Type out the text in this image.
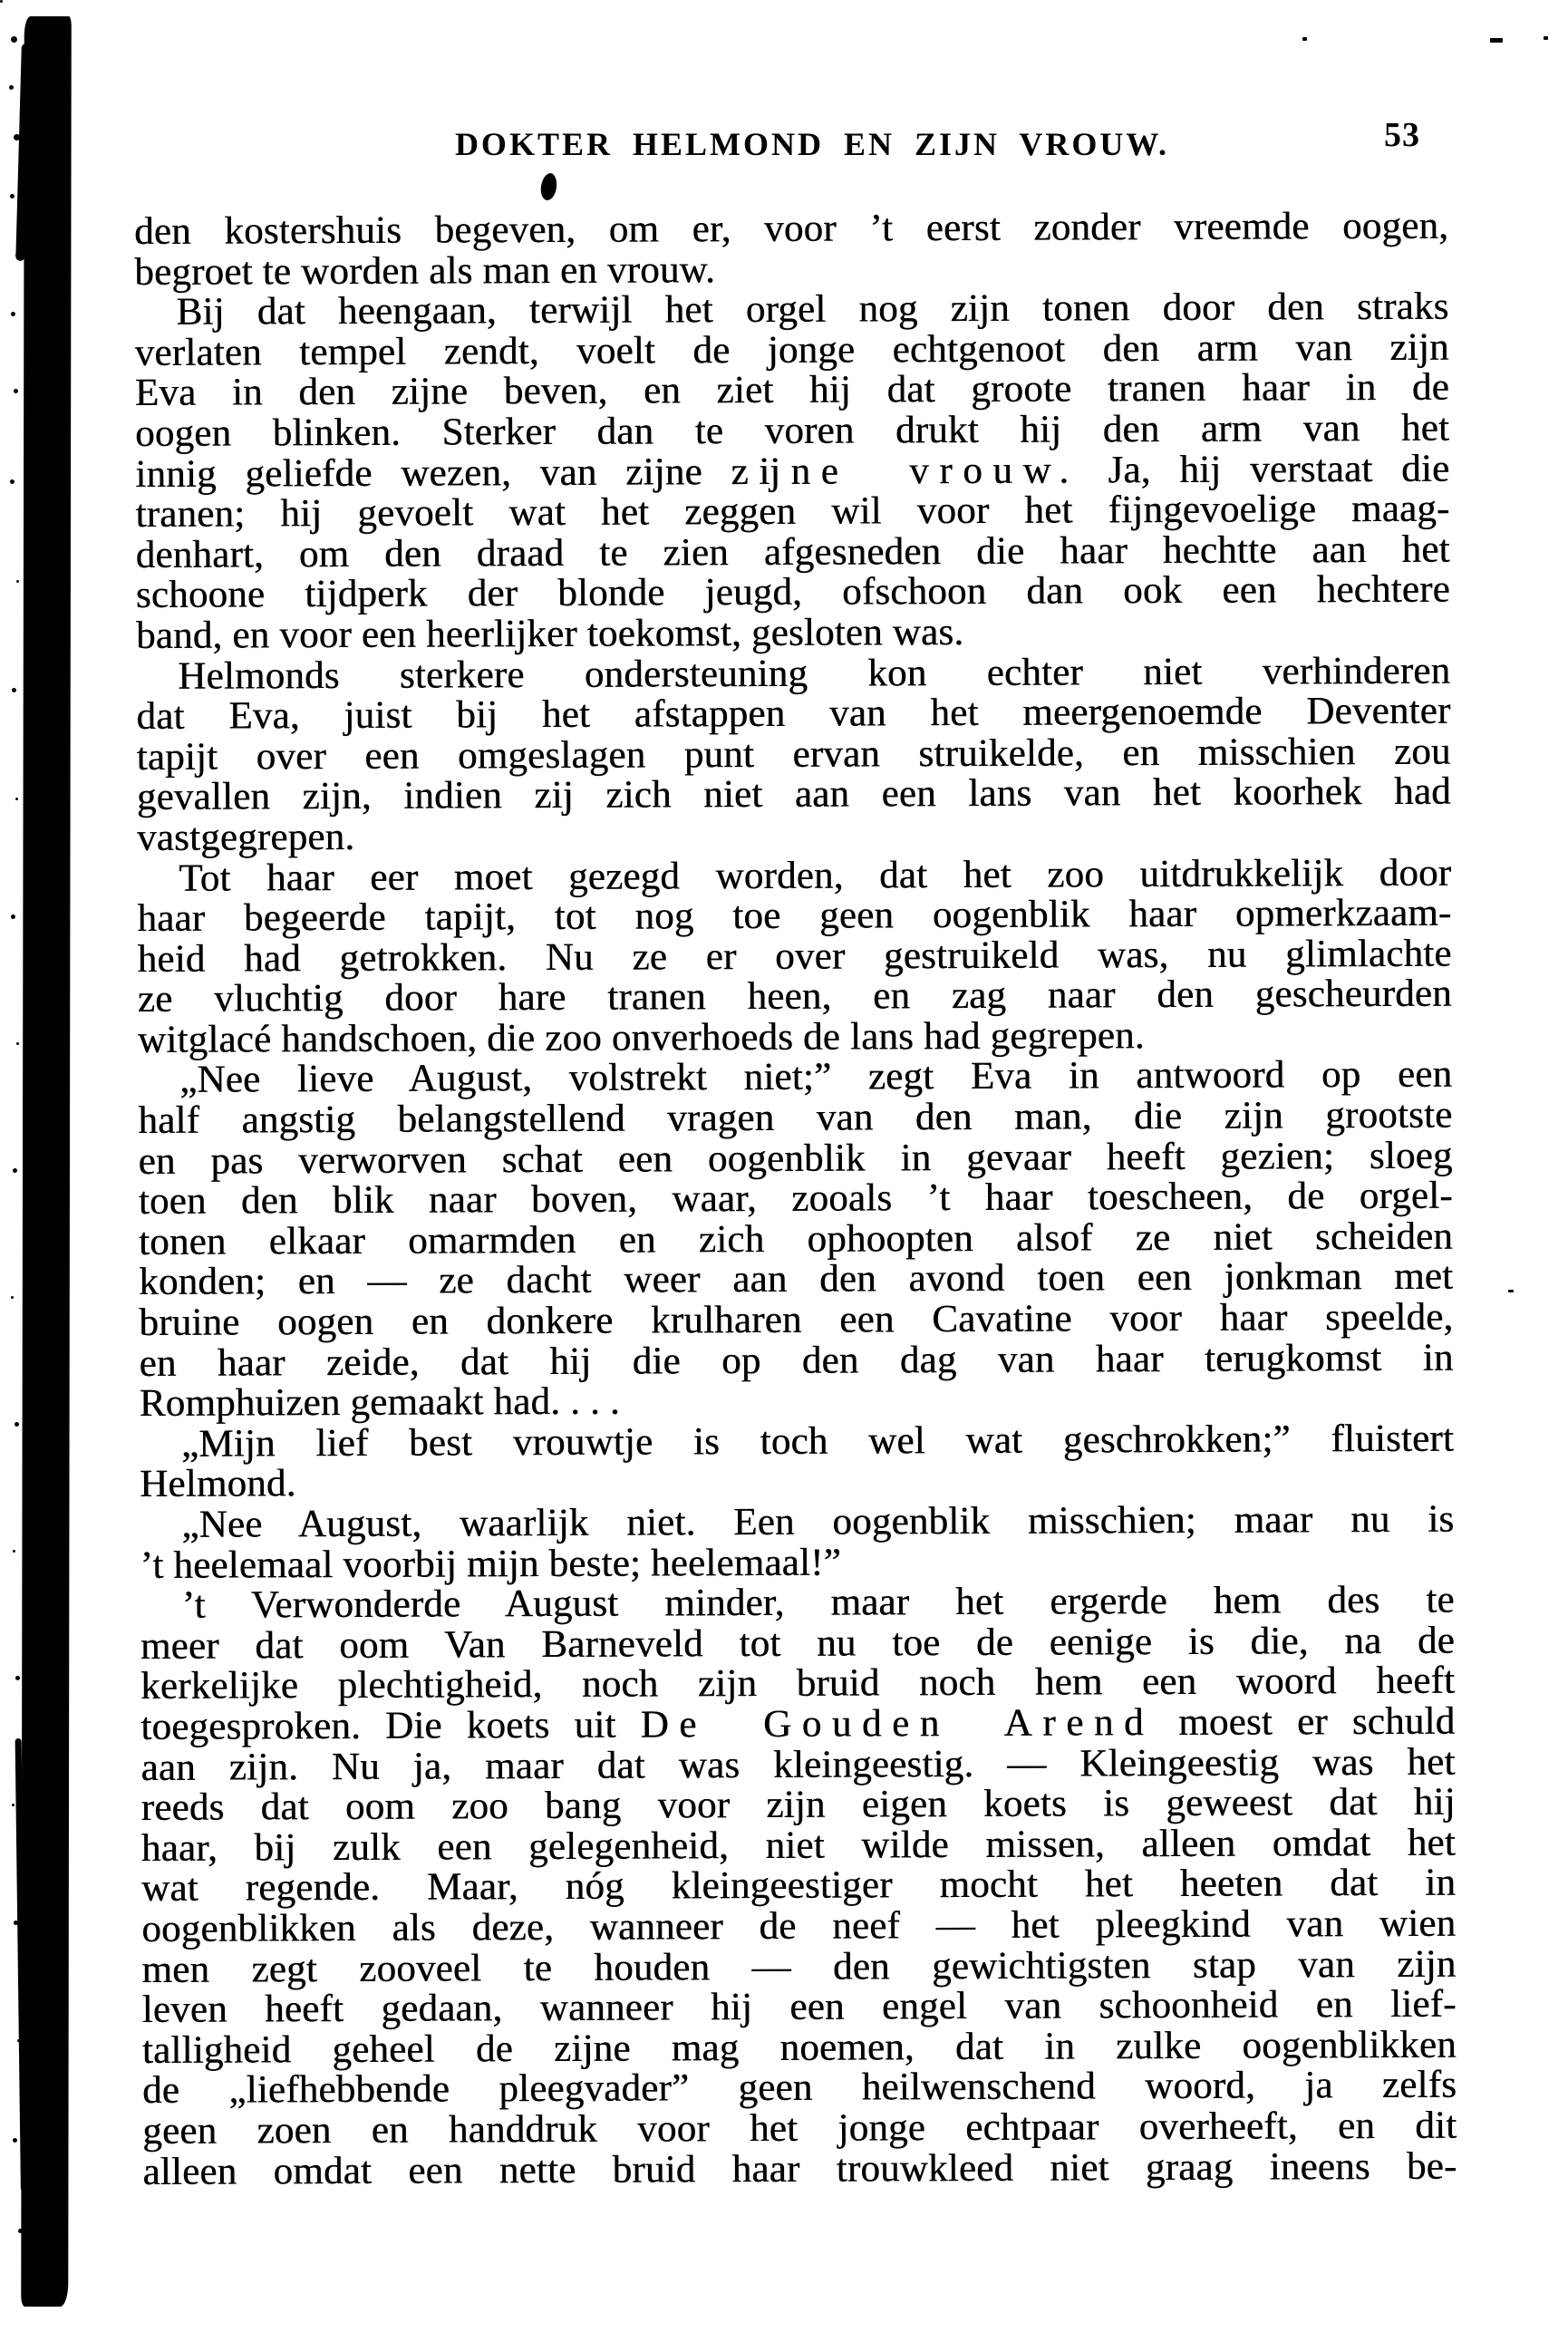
DOKTER HELMOND EN ZIJN VROUW.	53
den kostershuis begeven, om er, voor ’t eerst zonder vreemde oogen,
begroet te worden als man en vrouw.
Bij dat heengaan, terwijl het orgel nog zijn tonen door den straks
verlaten tempel zendt, voelt de jonge echtgenoot den arm van zijn
Eva in den zijne beven, en ziet hij dat groote tranen haar in de
oogen blinken. Sterker dan te voren drukt hij den arm van het
innig geliefde wezen, van zijne zĳne vrouw. Ja, hij verstaat die
tranen; hij gevoelt wat het zeggen wil voor het fijngevoelige maag-
denhart, om den draad te zien afgesneden die haar hechtte aan het
schoone tijdperk der blonde jeugd, ofschoon dan ook een hechtere
band, en voor een heerlijker toekomst, gesloten was.
Helmonds sterkere ondersteuning kon echter niet verhinderen
dat Eva, juist bij het afstappen van het meergenoemde Deventer
tapijt over een omgeslagen punt ervan struikelde, en misschien zou
gevallen zijn, indien zij zich niet aan een lans van het koorhek had
vastgegrepen.
Tot haar eer moet gezegd worden, dat het zoo uitdrukkelijk door
haar begeerde tapijt, tot nog toe geen oogenblik haar opmerkzaam-
heid had getrokken. Nu ze er over gestruikeld was, nu glimlachte
ze vluchtig door hare tranen heen, en zag naar den gescheurden
witglacé handschoen, die zoo onverhoeds de lans had gegrepen.
„Nee lieve August, volstrekt niet;” zegt Eva in antwoord op een
half angstig belangstellend vragen van den man, die zijn grootste
en pas verworven schat een oogenblik in gevaar heeft gezien; sloeg
toen den blik naar boven, waar, zooals ’t haar toescheen, de orgel-
tonen elkaar omarmden en zich ophoopten alsof ze niet scheiden
konden; en — ze dacht weer aan den avond toen een jonkman met
bruine oogen en donkere krulharen een Cavatine voor haar speelde,
en haar zeide, dat hij die op den dag van haar terugkomst in
Romphuizen gemaakt had. . . .
„Mijn lief best vrouwtje is toch wel wat geschrokken;” fluistert
Helmond.
„Nee August, waarlijk niet. Een oogenblik misschien; maar nu is
’t heelemaal voorbij mijn beste; heelemaal!”
’t Verwonderde August minder, maar het ergerde hem des te
meer dat oom Van Barneveld tot nu toe de eenige is die, na de
kerkelijke plechtigheid, noch zijn bruid noch hem een woord heeft
toegesproken. Die koets uit De Gouden Arend moest er schuld
aan zijn. Nu ja, maar dat was kleingeestig. — Kleingeestig was het
reeds dat oom zoo bang voor zijn eigen koets is geweest dat hij
haar, bij zulk een gelegenheid, niet wilde missen, alleen omdat het
wat regende. Maar, nóg kleingeestiger mocht het heeten dat in
oogenblikken als deze, wanneer de neef — het pleegkind van wien
men zegt zooveel te houden — den gewichtigsten stap van zijn
leven heeft gedaan, wanneer hij een engel van schoonheid en lief-
talligheid geheel de zijne mag noemen, dat in zulke oogenblikken
de „liefhebbende pleegvader” geen heilwenschend woord, ja zelfs
geen zoen en handdruk voor het jonge echtpaar overheeft, en dit
alleen omdat een nette bruid haar trouwkleed niet graag ineens be-
